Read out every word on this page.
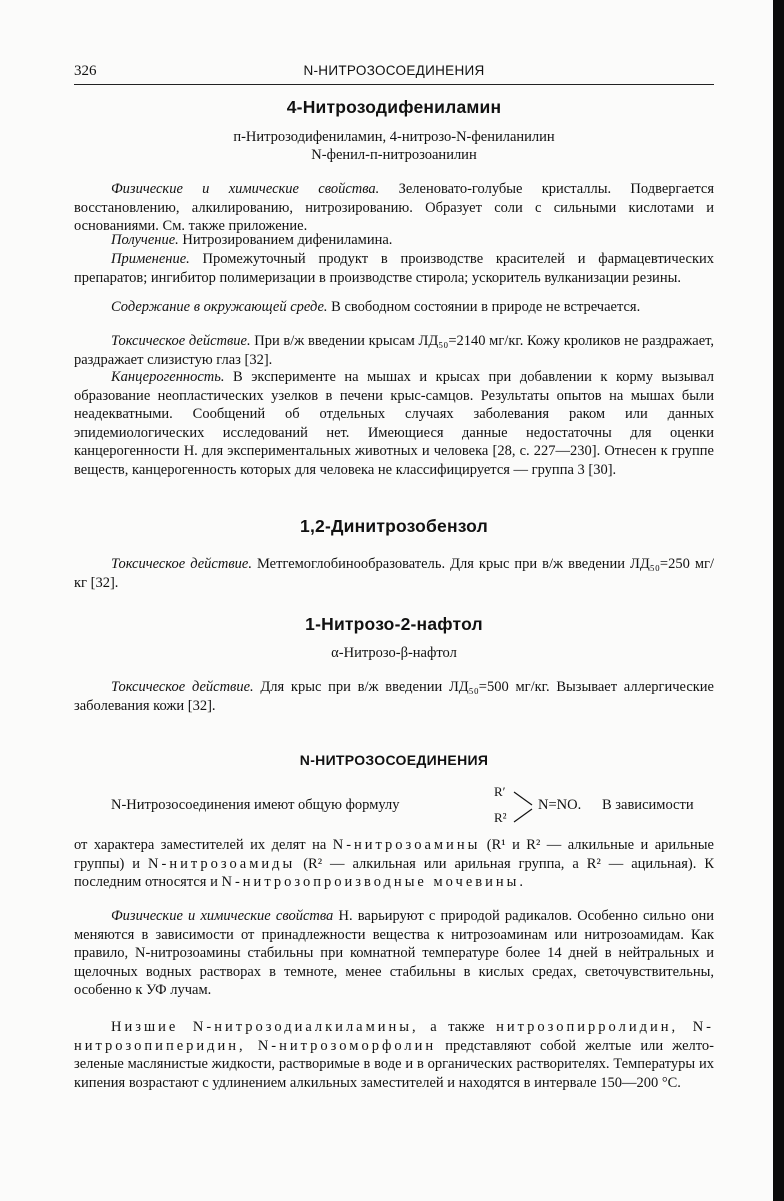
326	N-НИТРОЗОСОЕДИНЕНИЯ
4-Нитрозодифениламин
п-Нитрозодифениламин, 4-нитрозо-N-фениланилин
N-фенил-п-нитрозоанилин

Физические и химические свойства. Зеленовато-голубые кристаллы. Подвергается восстановлению, алкилированию, нитрозированию. Образует соли с сильными кислотами и основаниями. См. также приложение.

Получение. Нитрозированием дифениламина.

Применение. Промежуточный продукт в производстве красителей и фармацевтических препаратов; ингибитор полимеризации в производстве стирола; ускоритель вулканизации резины.

Содержание в окружающей среде. В свободном состоянии в природе не встречается.

Токсическое действие. При в/ж введении крысам ЛД₅₀=2140 мг/кг. Кожу кроликов не раздражает, раздражает слизистую глаз [32].

Канцерогенность. В эксперименте на мышах и крысах при добавлении к корму вызывал образование неопластических узелков в печени крыс-самцов. Результаты опытов на мышах были неадекватными. Сообщений об отдельных случаях заболевания раком или данных эпидемиологических исследований нет. Имеющиеся данные недостаточны для оценки канцерогенности Н. для экспериментальных животных и человека [28, с. 227—230]. Отнесен к группе веществ, канцерогенность которых для человека не классифицируется — группа 3 [30].

1,2-Динитрозобензол

Токсическое действие. Метгемоглобинообразователь. Для крыс при в/ж введении ЛД₅₀=250 мг/кг [32].

1-Нитрозо-2-нафтол
α-Нитрозо-β-нафтол

Токсическое действие. Для крыс при в/ж введении ЛД₅₀=500 мг/кг. Вызывает аллергические заболевания кожи [32].

N-НИТРОЗОСОЕДИНЕНИЯ
N-Нитрозосоединения имеют общую формулу
R′
R²
N=NO. В зависимости

от характера заместителей их делят на N-нитрозоамины (R¹ и R² — алкильные и арильные группы) и N-нитрозоамиды (R² — алкильная или арильная группа, а R² — ацильная). К последним относятся и N-нитрозопроизводные мочевины.

Физические и химические свойства Н. варьируют с природой радикалов. Особенно сильно они меняются в зависимости от принадлежности вещества к нитрозоаминам или нитрозоамидам. Как правило, N-нитрозоамины стабильны при комнатной температуре более 14 дней в нейтральных и щелочных водных растворах в темноте, менее стабильны в кислых средах, светочувствительны, особенно к УФ лучам.

Низшие N-нитрозодиалкиламины, а также нитрозопирролидин, N-нитрозопиперидин, N-нитрозоморфолин представляют собой желтые или желто-зеленые маслянистые жидкости, растворимые в воде и в органических растворителях. Температуры их кипения возрастают с удлинением алкильных заместителей и находятся в интервале 150—200 °С.
